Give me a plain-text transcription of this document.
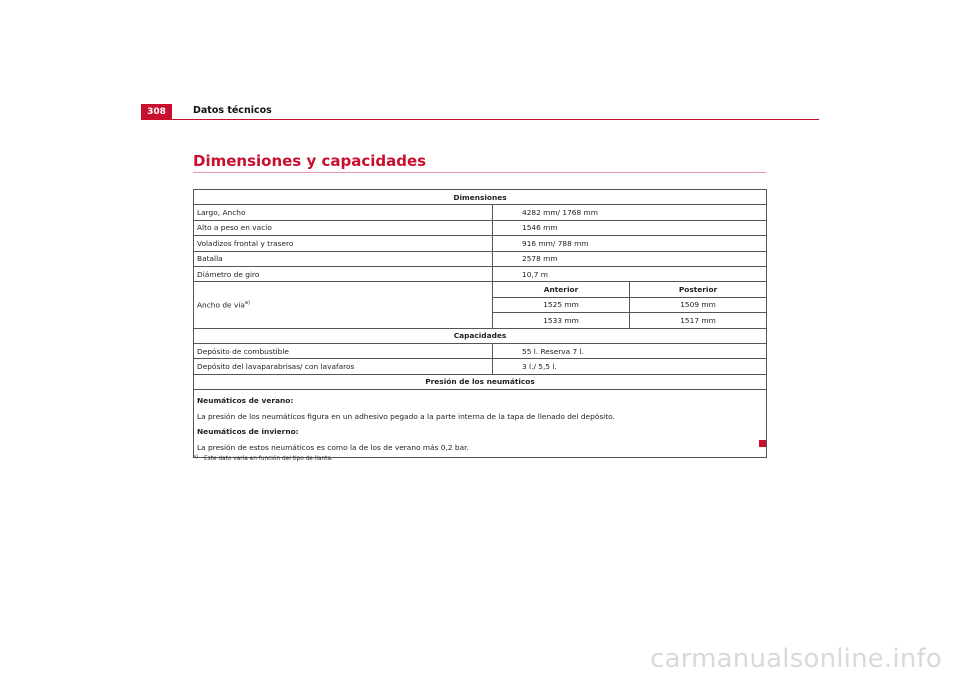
308	Datos técnicos
Dimensiones y capacidades
Dimensiones		
Largo, Ancho	4282 mm/ 1768 mm	
Alto a peso en vacío	1546 mm	
Voladizos frontal y trasero	916 mm/ 788 mm	
Batalla	2578 mm	
Diámetro de giro	10,7 m	
Ancho de vía$^{a)}$	Anterior	Posterior
	1525 mm	1509 mm
	1533 mm	1517 mm
Capacidades		
Depósito de combustible	55 l. Reserva 7 l.	
Depósito del lavaparabrisas/ con lavafaros	3 l./ 5,5 l.	
Presión de los neumáticos		

Neumáticos de verano:

La presión de los neumáticos figura en un adhesivo pegado a la parte interna de la tapa de llenado del depósito.

Neumáticos de invierno:

La presión de estos neumáticos es como la de los de verano más 0,2 bar.		

a) Este dato varía en función del tipo de llanta.
carmanualsonline.info
